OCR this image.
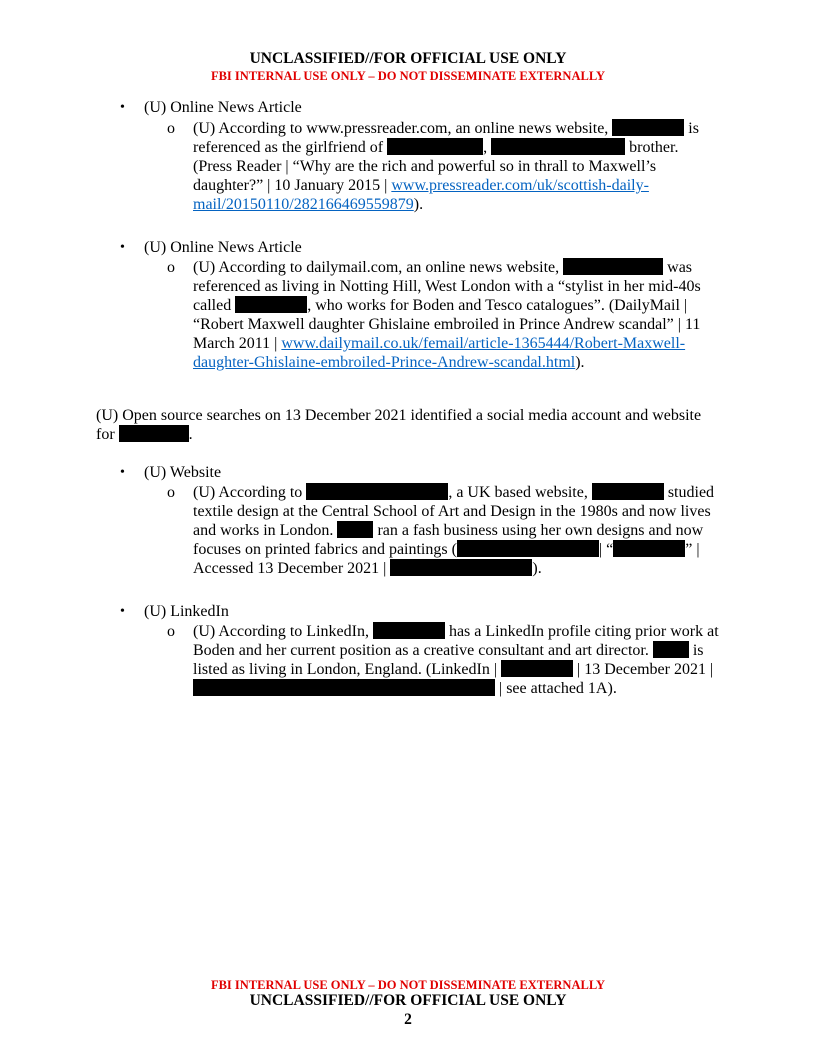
UNCLASSIFIED//FOR OFFICIAL USE ONLY
FBI INTERNAL USE ONLY – DO NOT DISSEMINATE EXTERNALLY
• (U) Online News Article
o (U) According to www.pressreader.com, an online news website,	is
referenced as the girlfriend of	,	brother.
(Press Reader | “Why are the rich and powerful so in thrall to Maxwell’s
daughter?” | 10 January 2015 | www.pressreader.com/uk/scottish-daily-
mail/20150110/282166469559879).
• (U) Online News Article
o (U) According to dailymail.com, an online news website,	was
referenced as living in Notting Hill, West London with a “stylist in her mid-40s
called	, who works for Boden and Tesco catalogues”. (DailyMail |
“Robert Maxwell daughter Ghislaine embroiled in Prince Andrew scandal” | 11
March 2011 | www.dailymail.co.uk/femail/article-1365444/Robert-Maxwell-
daughter-Ghislaine-embroiled-Prince-Andrew-scandal.html).
(U) Open source searches on 13 December 2021 identified a social media account and website
for	.
• (U) Website
o (U) According to	, a UK based website,	studied
textile design at the Central School of Art and Design in the 1980s and now lives
and works in London.	ran a fash business using her own designs and now
focuses on printed fabrics and paintings (	| “	” |
Accessed 13 December 2021 |	).
• (U) LinkedIn
o (U) According to LinkedIn,	has a LinkedIn profile citing prior work at
Boden and her current position as a creative consultant and art director.	is
listed as living in London, England. (LinkedIn |	| 13 December 2021 |
| see attached 1A).
FBI INTERNAL USE ONLY – DO NOT DISSEMINATE EXTERNALLY
UNCLASSIFIED//FOR OFFICIAL USE ONLY
2
